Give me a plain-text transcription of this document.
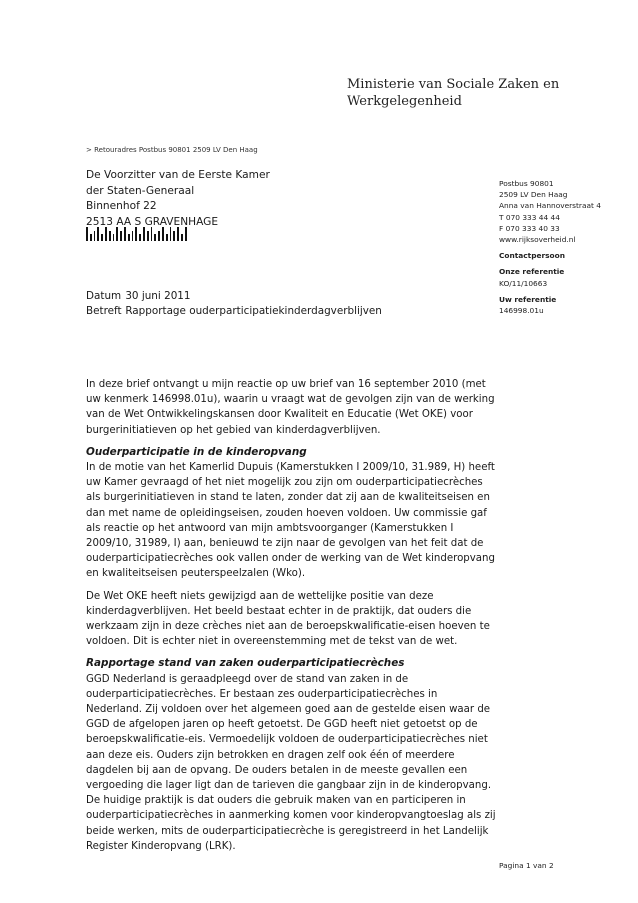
Ministerie van Sociale Zaken en
Werkgelegenheid
> Retouradres Postbus 90801 2509 LV Den Haag
De Voorzitter van de Eerste Kamer
der Staten-Generaal
Binnenhof 22
2513 AA S GRAVENHAGE
Postbus 90801
2509 LV Den Haag
Anna van Hannoverstraat 4
T 070 333 44 44
F 070 333 40 33
www.rijksoverheid.nl
Contactpersoon
Onze referentie
KO/11/10663
Uw referentie
146998.01u
Datum 30 juni 2011
Betreft Rapportage ouderparticipatiekinderdagverblijven

In deze brief ontvangt u mijn reactie op uw brief van 16 september 2010 (met uw kenmerk 146998.01u), waarin u vraagt wat de gevolgen zijn van de werking van de Wet Ontwikkelingskansen door Kwaliteit en Educatie (Wet OKE) voor burgerinitiatieven op het gebied van kinderdagverblijven.

Ouderparticipatie in de kinderopvang

In de motie van het Kamerlid Dupuis (Kamerstukken I 2009/10, 31.989, H) heeft uw Kamer gevraagd of het niet mogelijk zou zijn om ouderparticipatiecrèches als burgerinitiatieven in stand te laten, zonder dat zij aan de kwaliteitseisen en dan met name de opleidingseisen, zouden hoeven voldoen. Uw commissie gaf als reactie op het antwoord van mijn ambtsvoorganger (Kamerstukken I 2009/10, 31989, I) aan, benieuwd te zijn naar de gevolgen van het feit dat de ouderparticipatiecrèches ook vallen onder de werking van de Wet kinderopvang en kwaliteitseisen peuterspeelzalen (Wko).

De Wet OKE heeft niets gewijzigd aan de wettelijke positie van deze kinderdagverblijven. Het beeld bestaat echter in de praktijk, dat ouders die werkzaam zijn in deze crèches niet aan de beroepskwalificatie-eisen hoeven te voldoen. Dit is echter niet in overeenstemming met de tekst van de wet.

Rapportage stand van zaken ouderparticipatiecrèches

GGD Nederland is geraadpleegd over de stand van zaken in de ouderparticipatiecrèches. Er bestaan zes ouderparticipatiecrèches in Nederland. Zij voldoen over het algemeen goed aan de gestelde eisen waar de GGD de afgelopen jaren op heeft getoetst. De GGD heeft niet getoetst op de beroepskwalificatie-eis. Vermoedelijk voldoen de ouderparticipatiecrèches niet aan deze eis. Ouders zijn betrokken en dragen zelf ook één of meerdere dagdelen bij aan de opvang. De ouders betalen in de meeste gevallen een vergoeding die lager ligt dan de tarieven die gangbaar zijn in de kinderopvang. De huidige praktijk is dat ouders die gebruik maken van en participeren in ouderparticipatiecrèches in aanmerking komen voor kinderopvangtoeslag als zij beide werken, mits de ouderparticipatiecrèche is geregistreerd in het Landelijk Register Kinderopvang (LRK).

Pagina 1 van 2
